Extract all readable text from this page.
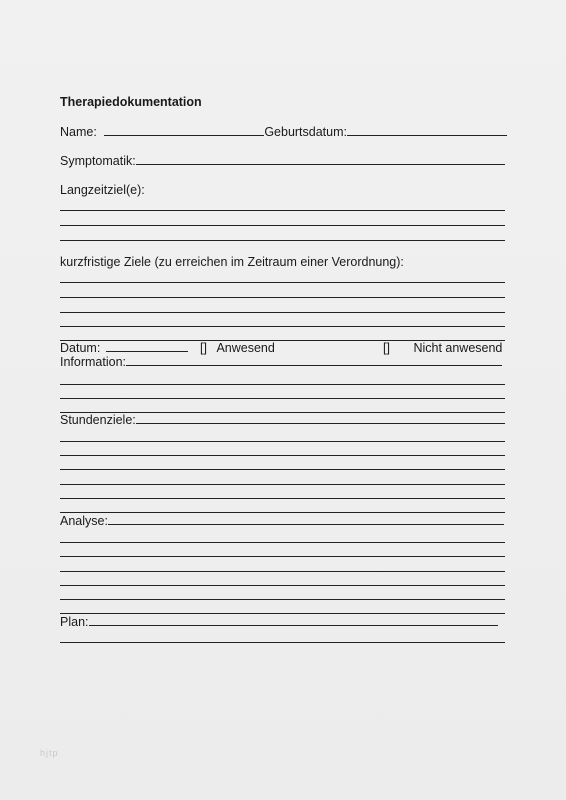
Therapiedokumentation
Name:	Geburtsdatum:
Symptomatik:
Langzeitziel(e):
kurzfristige Ziele (zu erreichen im Zeitraum einer Verordnung):
Datum:	[] Anwesend	[] Nicht anwesend
Information:
Stundenziele:
Analyse:
Plan:
hjtp
